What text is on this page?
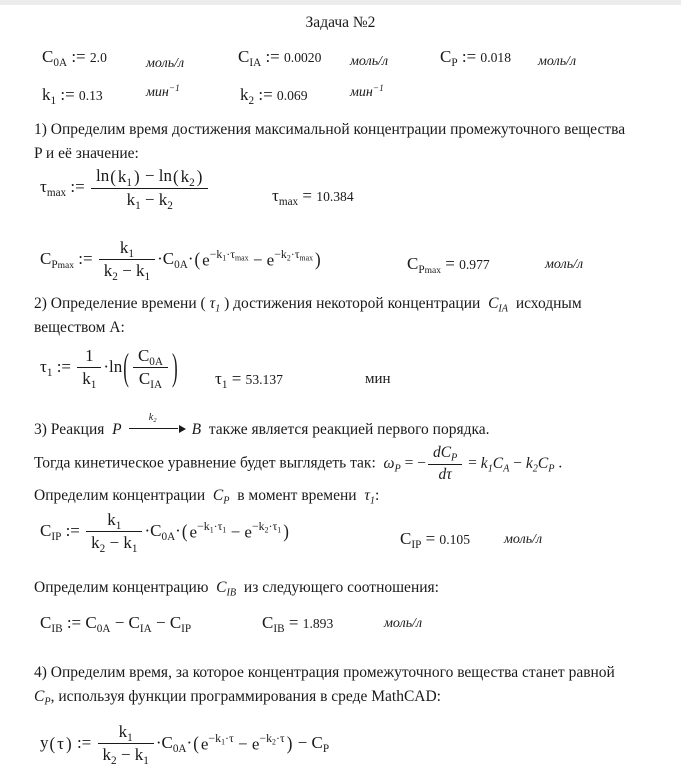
Задача №2
$C_{0A}$ := 2.0	моль/л	$C_{IA}$ := 0.0020 моль/л	$C_P$ := 0.018 моль/л
$k_1$ := 0.13	мин$^{-1}$	$k_2$ := 0.069	мин$^{-1}$
1) Определим время достижения максимальной концентрации промежуточного вещества
P и её значение:
$\tau_{max}$ := $\frac{\ln ( k_1 ) - \ln ( k_2 )}{k_1 - k_2}$	$\tau_{max} = 10.384$
$C_{Pmax}$ := $\frac{k_1}{k_2 - k_1} \cdot C_{0A}\cdot$ ( $e-k_1\cdot\tau_{max} - e-k_2\cdot\tau_{max}$ )	$C_{Pmax} = 0.977$	моль/л
2) Определение времени ( $\tau_1$ ) достижения некоторой концентрации  $C_{IA}$  исходным
веществом A:
$\tau_1$ := $\frac{1}{k_1} \cdot\ln$ ( $\frac{C_{0A}}{C_{IA}}$ ) $\tau_1 = 53.137$	мин
3) Реакция  P
$k_2$
B  также является реакцией первого порядка.
Тогда кинетическое уравнение будет выглядеть так:  $\omega_P$ = − $\frac{dC_P}{d\tau} = k_1C_A - k_2C_P$ .
Определим концентрации  $C_P$  в момент времени  $\tau_1$:
$C_{IP}$ := $\frac{k_1}{k_2 - k_1} \cdot C_{0A}\cdot$ ( $e-k_1\cdot\tau_1 - e-k_2\cdot\tau_1$ )	$C_{IP} = 0.105$ моль/л
Определим концентрацию  $C_{IB}$  из следующего соотношения:
$C_{IB}$ := $C_{0A} - C_{IA} - C_{IP}$	$C_{IB} = 1.893$	моль/л
4) Определим время, за которое концентрация промежуточного вещества станет равной
$C_P$, используя функции программирования в среде MathCAD:
y ( τ ) := $\frac{k_1}{k_2 - k_1} \cdot C_{0A}\cdot$ ( $e-k_1\cdot\tau - e-k_2\cdot\tau$ ) − $C_P$
